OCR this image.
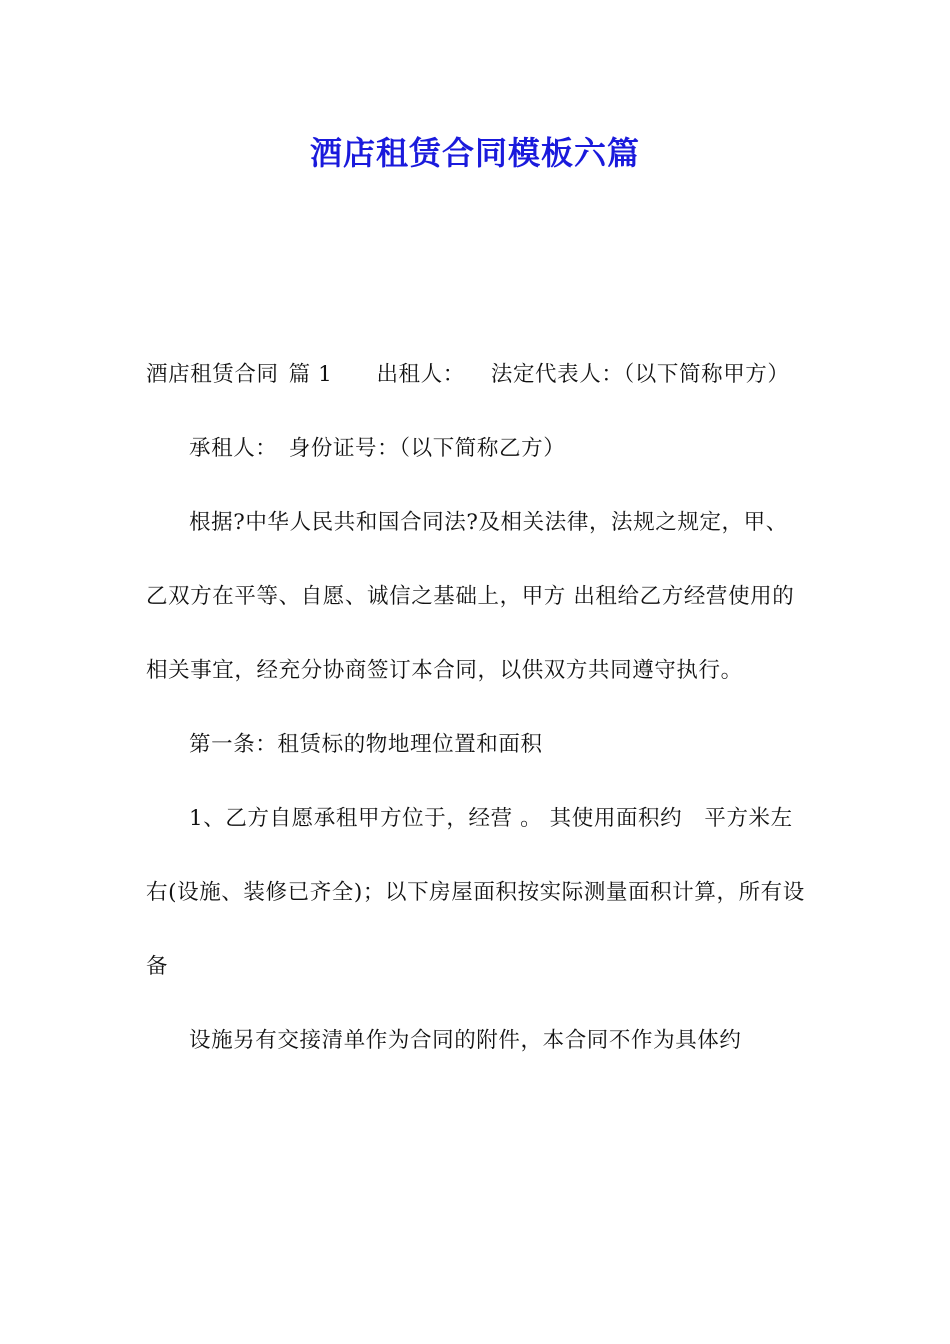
酒店租赁合同模板六篇

酒店租赁合同 篇 1 出租人： 法定代表人：（以下简称甲方）

承租人：　身份证号：（以下简称乙方）

根据?中华人民共和国合同法?及相关法律，法规之规定，甲、乙双方在平等、自愿、诚信之基础上，甲方 出租给乙方经营使用的相关事宜，经充分协商签订本合同，以供双方共同遵守执行。

第一条：租赁标的物地理位置和面积

1、乙方自愿承租甲方位于，经营 。 其使用面积约　平方米左右(设施、装修已齐全)；以下房屋面积按实际测量面积计算，所有设备

设施另有交接清单作为合同的附件，本合同不作为具体约
